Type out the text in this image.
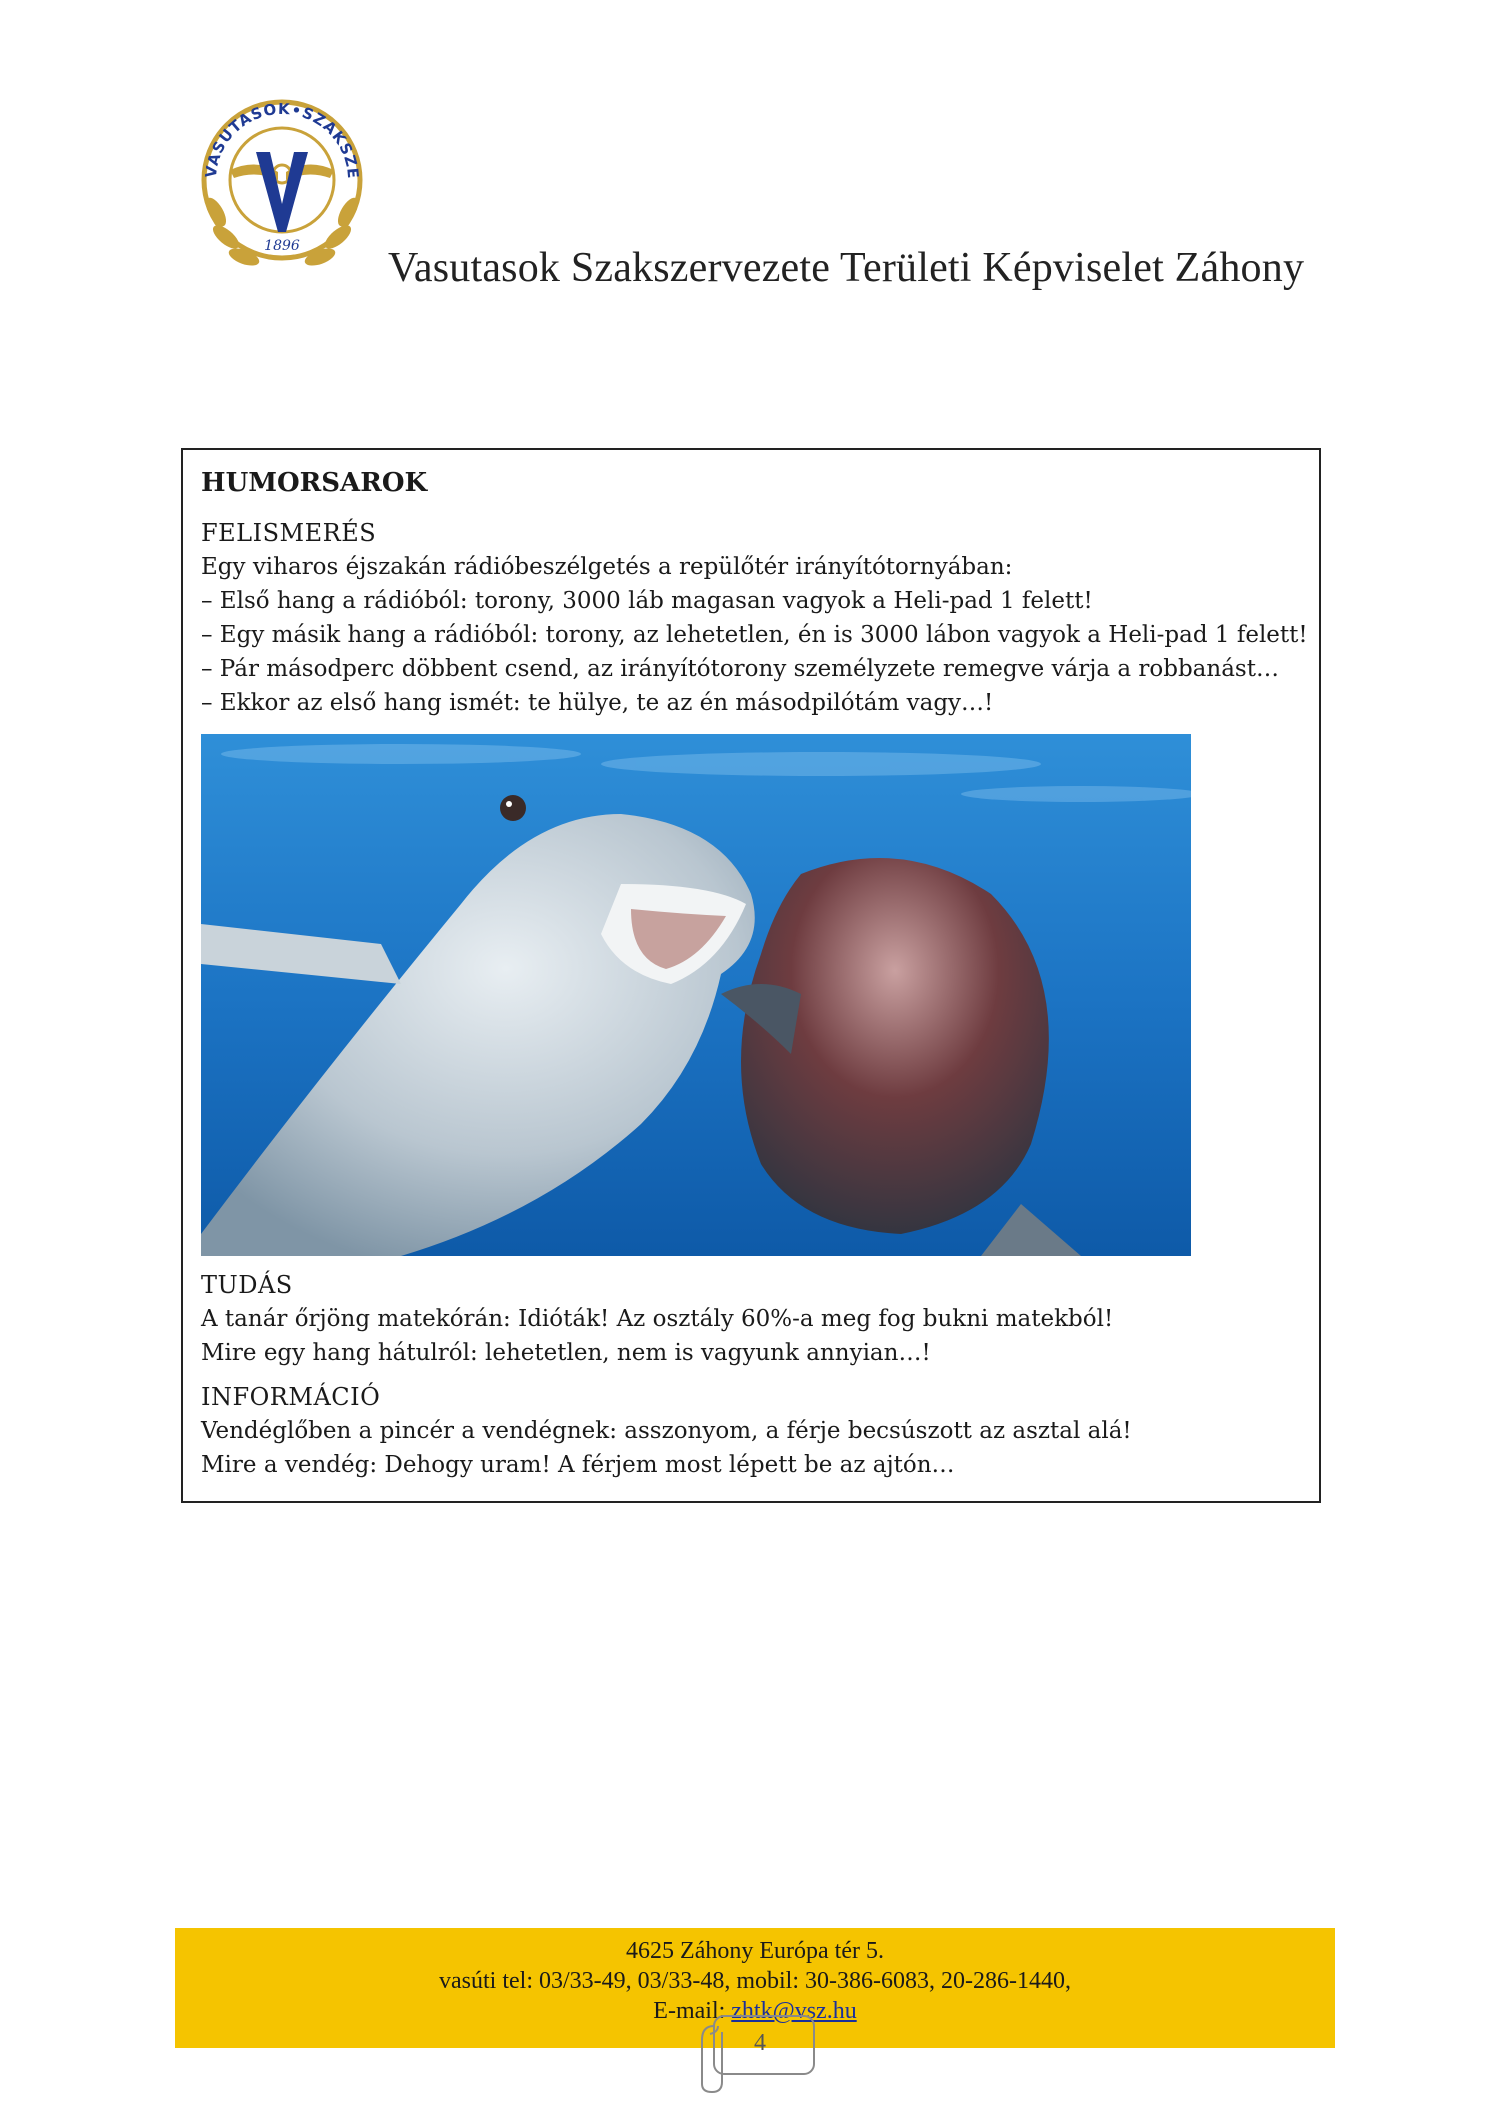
VASUTASOK•SZAKSZE
1896 Vasutasok Szakszervezete Területi Képviselet Záhony
HUMORSAROK
FELISMERÉS
Egy viharos éjszakán rádióbeszélgetés a repülőtér irányítótornyában:
– Első hang a rádióból: torony, 3000 láb magasan vagyok a Heli-pad 1 felett!
– Egy másik hang a rádióból: torony, az lehetetlen, én is 3000 lábon vagyok a Heli-pad 1 felett!
– Pár másodperc döbbent csend, az irányítótorony személyzete remegve várja a robbanást…
– Ekkor az első hang ismét: te hülye, te az én másodpilótám vagy…!
TUDÁS
A tanár őrjöng matekórán: Idióták! Az osztály 60%-a meg fog bukni matekból!
Mire egy hang hátulról: lehetetlen, nem is vagyunk annyian…!
INFORMÁCIÓ
Vendéglőben a pincér a vendégnek: asszonyom, a férje becsúszott az asztal alá!
Mire a vendég: Dehogy uram! A férjem most lépett be az ajtón…
4625 Záhony Európa tér 5.
vasúti tel: 03/33-49, 03/33-48, mobil: 30-386-6083, 20-286-1440,
E-mail: zhtk@vsz.hu
4
